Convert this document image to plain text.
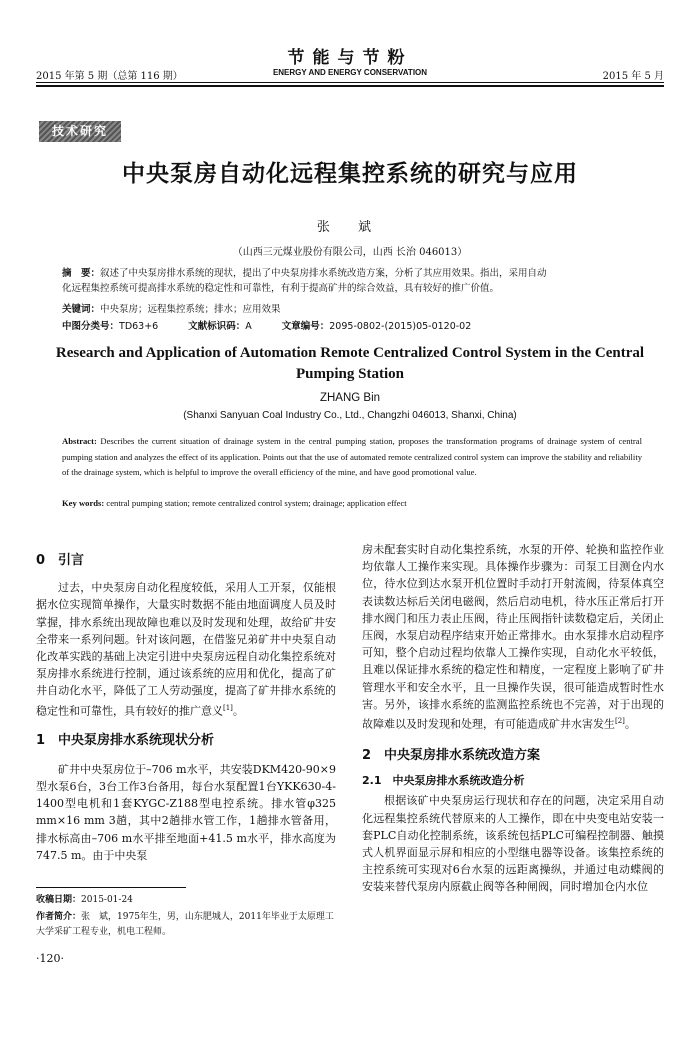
2015 年第 5 期（总第 116 期）
节能与节粉
ENERGY AND ENERGY CONSERVATION	2015 年 5 月
技术研究
中央泵房自动化远程集控系统的研究与应用
张 斌
（山西三元煤业股份有限公司，山西 长治 046013）
摘　要：叙述了中央泵房排水系统的现状，提出了中央泵房排水系统改造方案，分析了其应用效果。指出，采用自动
化远程集控系统可提高排水系统的稳定性和可靠性，有利于提高矿井的综合效益，具有较好的推广价值。
关键词：中央泵房；远程集控系统；排水；应用效果
中图分类号：TD63+6	文献标识码：A	文章编号：2095-0802-(2015)05-0120-02
Research and Application of Automation Remote Centralized Control System in the Central Pumping Station
ZHANG Bin
(Shanxi Sanyuan Coal Industry Co., Ltd., Changzhi 046013, Shanxi, China)
Abstract: Describes the current situation of drainage system in the central pumping station, proposes the transformation programs of drainage system of central pumping station and analyzes the effect of its application. Points out that the use of automated remote centralized control system can improve the stability and reliability of the drainage system, which is helpful to improve the overall efficiency of the mine, and have good promotional value.
Key words: central pumping station; remote centralized control system; drainage; application effect
0　引言

过去，中央泵房自动化程度较低，采用人工开泵，仅能根据水位实现简单操作，大量实时数据不能由地面调度人员及时掌握，排水系统出现故障也难以及时发现和处理，故给矿井安全带来一系列问题。针对该问题，在借鉴兄弟矿井中央泵自动化改革实践的基础上决定引进中央泵房远程自动化集控系统对泵房排水系统进行控制，通过该系统的应用和优化，提高了矿井自动化水平，降低了工人劳动强度，提高了矿井排水系统的稳定性和可靠性，具有较好的推广意义[1]。

1　中央泵房排水系统现状分析

矿井中央泵房位于–706 m水平，共安装DKM420-90×9型水泵6台，3台工作3台备用，每台水泵配置1台YKK630-4-1400型电机和1套KYGC-Z188型电控系统。排水管φ325 mm×16 mm 3趟，其中2趟排水管工作，1趟排水管备用，排水标高由–706 m水平排至地面+41.5 m水平，排水高度为747.5 m。由于中央泵

收稿日期：2015-01-24
作者简介：张　斌，1975年生，男，山东肥城人，2011年毕业于太原理工大学采矿工程专业，机电工程师。
·120·

房未配套实时自动化集控系统，水泵的开停、轮换和监控作业均依靠人工操作来实现。具体操作步骤为：司泵工目测仓内水位，待水位到达水泵开机位置时手动打开射流阀，待泵体真空表读数达标后关闭电磁阀，然后启动电机，待水压正常后打开排水阀门和压力表止压阀，待止压阀指针读数稳定后，关闭止压阀，水泵启动程序结束开始正常排水。由水泵排水启动程序可知，整个启动过程均依靠人工操作实现，自动化水平较低，且难以保证排水系统的稳定性和精度，一定程度上影响了矿井管理水平和安全水平，且一旦操作失误，很可能造成暂时性水害。另外，该排水系统的监测监控系统也不完善，对于出现的故障难以及时发现和处理，有可能造成矿井水害发生[2]。

2　中央泵房排水系统改造方案
2.1　中央泵房排水系统改造分析

根据该矿中央泵房运行现状和存在的问题，决定采用自动化远程集控系统代替原来的人工操作，即在中央变电站安装一套PLC自动化控制系统，该系统包括PLC可编程控制器、触摸式人机界面显示屏和相应的小型继电器等设备。该集控系统的主控系统可实现对6台水泵的远距离操纵，并通过电动蝶阀的安装来替代泵房内原截止阀等各种闸阀，同时增加仓内水位
